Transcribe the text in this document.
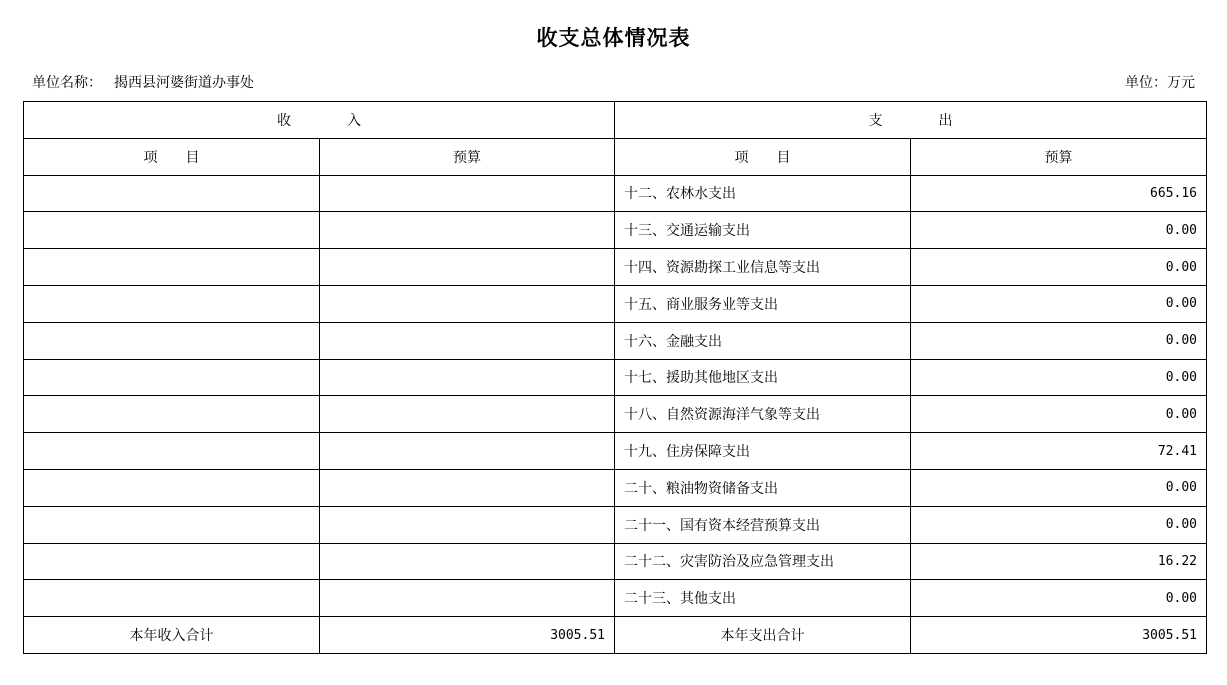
收支总体情况表
单位名称： 揭西县河婆街道办事处	单位：万元
收　　　　入		支　　　　出	
项　　目	预算	项　　目	预算
		十二、农林水支出	665.16
		十三、交通运输支出	0.00
		十四、资源勘探工业信息等支出	0.00
		十五、商业服务业等支出	0.00
		十六、金融支出	0.00
		十七、援助其他地区支出	0.00
		十八、自然资源海洋气象等支出	0.00
		十九、住房保障支出	72.41
		二十、粮油物资储备支出	0.00
		二十一、国有资本经营预算支出	0.00
		二十二、灾害防治及应急管理支出	16.22
		二十三、其他支出	0.00
本年收入合计	3005.51	本年支出合计	3005.51
